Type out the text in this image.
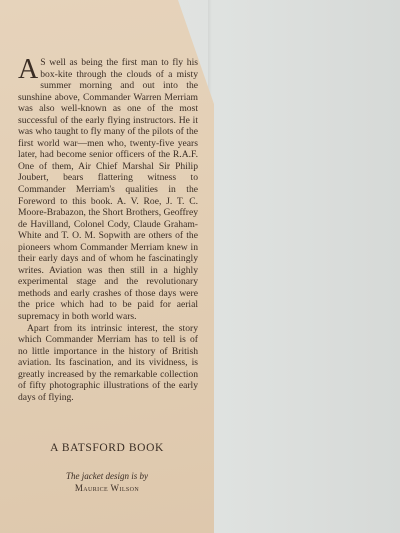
A S well as being the first man to fly his box-kite through the clouds of a misty summer morning and out into the sunshine above, Commander Warren Merriam was also well-known as one of the most successful of the early flying instructors. He it was who taught to fly many of the pilots of the first world war—men who, twenty-five years later, had become senior officers of the R.A.F. One of them, Air Chief Marshal Sir Philip Joubert, bears flattering witness to Commander Merriam's qualities in the Foreword to this book. A. V. Roe, J. T. C. Moore-Brabazon, the Short Brothers, Geoffrey de Havilland, Colonel Cody, Claude Graham-White and T. O. M. Sopwith are others of the pioneers whom Commander Merriam knew in their early days and of whom he fascinatingly writes. Aviation was then still in a highly experimental stage and the revolutionary methods and early crashes of those days were the price which had to be paid for aerial supremacy in both world wars.

Apart from its intrinsic interest, the story which Commander Merriam has to tell is of no little importance in the history of British aviation. Its fascination, and its vividness, is greatly increased by the remarkable collection of fifty photographic illustrations of the early days of flying.

A BATSFORD BOOK
The jacket design is by
Maurice Wilson
